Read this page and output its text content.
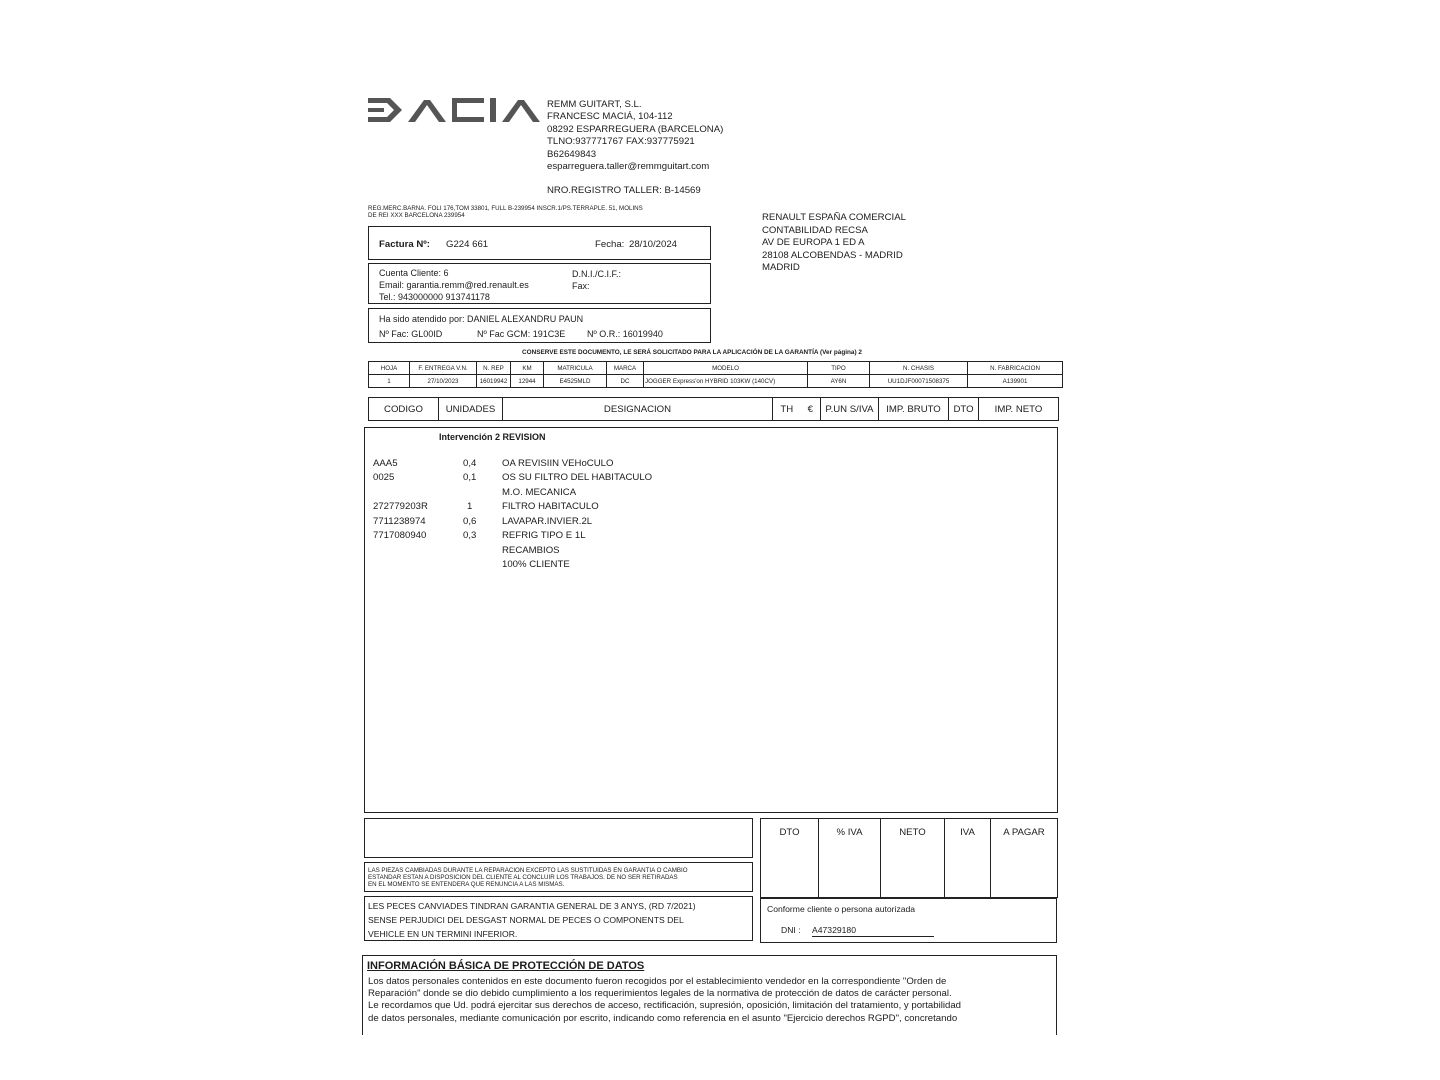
REMM GUITART, S.L.
FRANCESC MACIÁ, 104-112
08292 ESPARREGUERA (BARCELONA)
TLNO:937771767 FAX:937775921
B62649843
esparreguera.taller@remmguitart.com
NRO.REGISTRO TALLER: B-14569
REG.MERC.BARNA. FOLI 176,TOM 33801, FULL B-239954 INSCR.1/PS.TERRAPLE. 51, MOLINS
DE REI XXX BARCELONA 239954	RENAULT ESPAÑA COMERCIAL
CONTABILIDAD RECSA
AV DE EUROPA 1 ED A
28108 ALCOBENDAS - MADRID
MADRID
Factura Nº: G224 661	Fecha: 28/10/2024
Cuenta Cliente: 6	D.N.I./C.I.F.:
Email: garantia.remm@red.renault.es	Fax:
Tel.: 943000000 913741178
Ha sido atendido por: DANIEL ALEXANDRU PAUN
Nº Fac: GL00ID	Nº Fac GCM: 191C3E Nº O.R.: 16019940
CONSERVE ESTE DOCUMENTO, LE SERÁ SOLICITADO PARA LA APLICACIÓN DE LA GARANTÍA (Ver página) 2
HOJA	F. ENTREGA V.N.	N. REP	KM	MATRICULA	MARCA	MODELO	TIPO	N. CHASIS	N. FABRICACION
1	27/10/2023	16019942	12944	E4525MLD	DC	JOGGER Express'on HYBRID 103KW (140CV)	AY6N	UU1DJF00071508375	A139901
CODIGO	UNIDADES	DESIGNACION	TH	€	P.UN S/IVA	IMP. BRUTO	DTO	IMP. NETO
Intervención 2 REVISION
AAA5	0,4	OA REVISIIN VEHoCULO
0025	0,1	OS SU FILTRO DEL HABITACULO
M.O. MECANICA
272779203R	1	FILTRO HABITACULO
7711238974	0,6	LAVAPAR.INVIER.2L
7717080940	0,3	REFRIG TIPO E 1L
RECAMBIOS
100% CLIENTE
LAS PIEZAS CAMBIADAS DURANTE LA REPARACION EXCEPTO LAS SUSTITUIDAS EN GARANTIA O CAMBIO
ESTANDAR ESTAN A DISPOSICION DEL CLIENTE AL CONCLUIR LOS TRABAJOS. DE NO SER RETIRADAS
EN EL MOMENTO SE ENTENDERA QUE RENUNCIA A LAS MISMAS.
LES PECES CANVIADES TINDRAN GARANTIA GENERAL DE 3 ANYS, (RD 7/2021)
SENSE PERJUDICI DEL DESGAST NORMAL DE PECES O COMPONENTS DEL
VEHICLE EN UN TERMINI INFERIOR.
DTO	% IVA	NETO	IVA	A PAGAR
Conforme cliente o persona autorizada
DNI : A47329180
INFORMACIÓN BÁSICA DE PROTECCIÓN DE DATOS
Los datos personales contenidos en este documento fueron recogidos por el establecimiento vendedor en la correspondiente "Orden de
Reparación" donde se dio debido cumplimiento a los requerimientos legales de la normativa de protección de datos de carácter personal.
Le recordamos que Ud. podrá ejercitar sus derechos de acceso, rectificación, supresión, oposición, limitación del tratamiento, y portabilidad
de datos personales, mediante comunicación por escrito, indicando como referencia en el asunto "Ejercicio derechos RGPD", concretando
